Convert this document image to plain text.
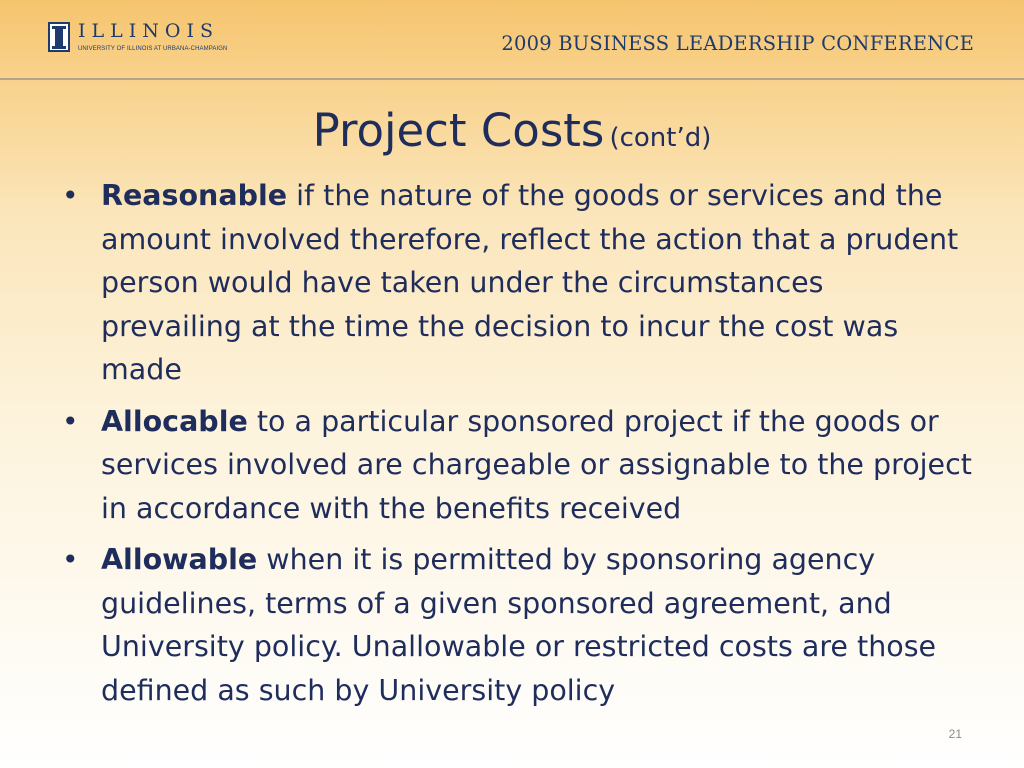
ILLINOIS
UNIVERSITY OF ILLINOIS AT URBANA-CHAMPAIGN	2009 BUSINESS LEADERSHIP CONFERENCE
Project Costs (cont’d)
• Reasonable if the nature of the goods or services and the amount involved therefore, reflect the action that a prudent person would have taken under the circumstances prevailing at the time the decision to incur the cost was made
• Allocable to a particular sponsored project if the goods or services involved are chargeable or assignable to the project in accordance with the benefits received
• Allowable when it is permitted by sponsoring agency guidelines, terms of a given sponsored agreement, and University policy. Unallowable or restricted costs are those defined as such by University policy
21
